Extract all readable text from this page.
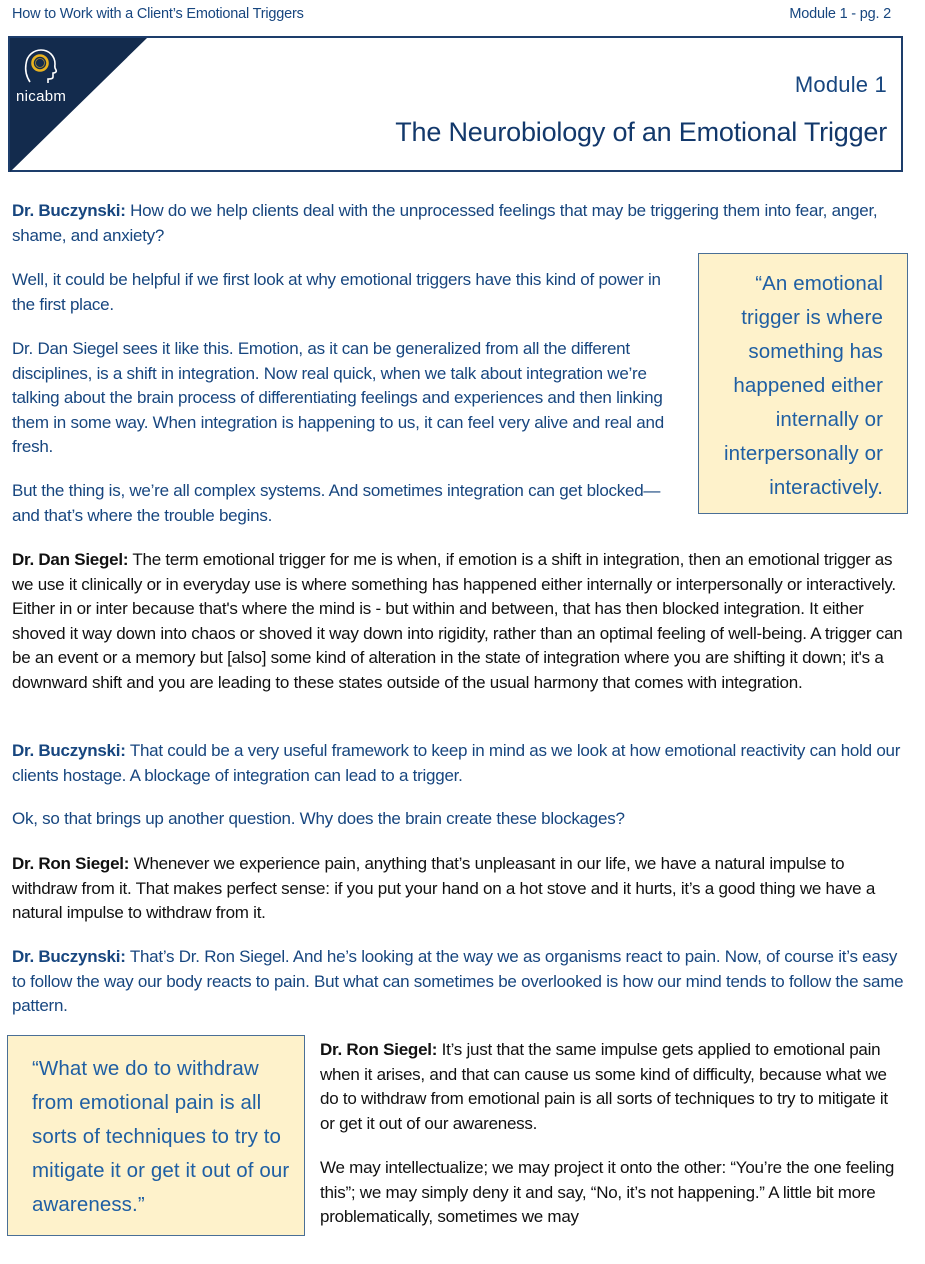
How to Work with a Client’s Emotional Triggers	Module 1 - pg. 2
nicabm	Module 1
The Neurobiology of an Emotional Trigger

Dr. Buczynski: How do we help clients deal with the unprocessed feelings that may be triggering them into fear, anger, shame, and anxiety?

Well, it could be helpful if we first look at why emotional triggers have this kind of power in the first place.

Dr. Dan Siegel sees it like this. Emotion, as it can be generalized from all the different disciplines, is a shift in integration. Now real quick, when we talk about integration we’re talking about the brain process of differentiating feelings and experiences and then linking them in some way. When integration is happening to us, it can feel very alive and real and fresh.

But the thing is, we’re all complex systems. And sometimes integration can get blocked—and that’s where the trouble begins.

“An emotional trigger is where something has happened either internally or interpersonally or interactively.

Dr. Dan Siegel: The term emotional trigger for me is when, if emotion is a shift in integration, then an emotional trigger as we use it clinically or in everyday use is where something has happened either internally or interpersonally or interactively. Either in or inter because that's where the mind is - but within and between, that has then blocked integration. It either shoved it way down into chaos or shoved it way down into rigidity, rather than an optimal feeling of well-being. A trigger can be an event or a memory but [also] some kind of alteration in the state of integration where you are shifting it down; it's a downward shift and you are leading to these states outside of the usual harmony that comes with integration.

Dr. Buczynski: That could be a very useful framework to keep in mind as we look at how emotional reactivity can hold our clients hostage. A blockage of integration can lead to a trigger.

Ok, so that brings up another question. Why does the brain create these blockages?

Dr. Ron Siegel: Whenever we experience pain, anything that’s unpleasant in our life, we have a natural impulse to withdraw from it. That makes perfect sense: if you put your hand on a hot stove and it hurts, it’s a good thing we have a natural impulse to withdraw from it.

Dr. Buczynski: That’s Dr. Ron Siegel. And he’s looking at the way we as organisms react to pain. Now, of course it’s easy to follow the way our body reacts to pain. But what can sometimes be overlooked is how our mind tends to follow the same pattern.

“What we do to withdraw from emotional pain is all sorts of techniques to try to mitigate it or get it out of our awareness.”

Dr. Ron Siegel: It’s just that the same impulse gets applied to emotional pain when it arises, and that can cause us some kind of difficulty, because what we do to withdraw from emotional pain is all sorts of techniques to try to mitigate it or get it out of our awareness.

We may intellectualize; we may project it onto the other: “You’re the one feeling this”; we may simply deny it and say, “No, it’s not happening.” A little bit more problematically, sometimes we may
